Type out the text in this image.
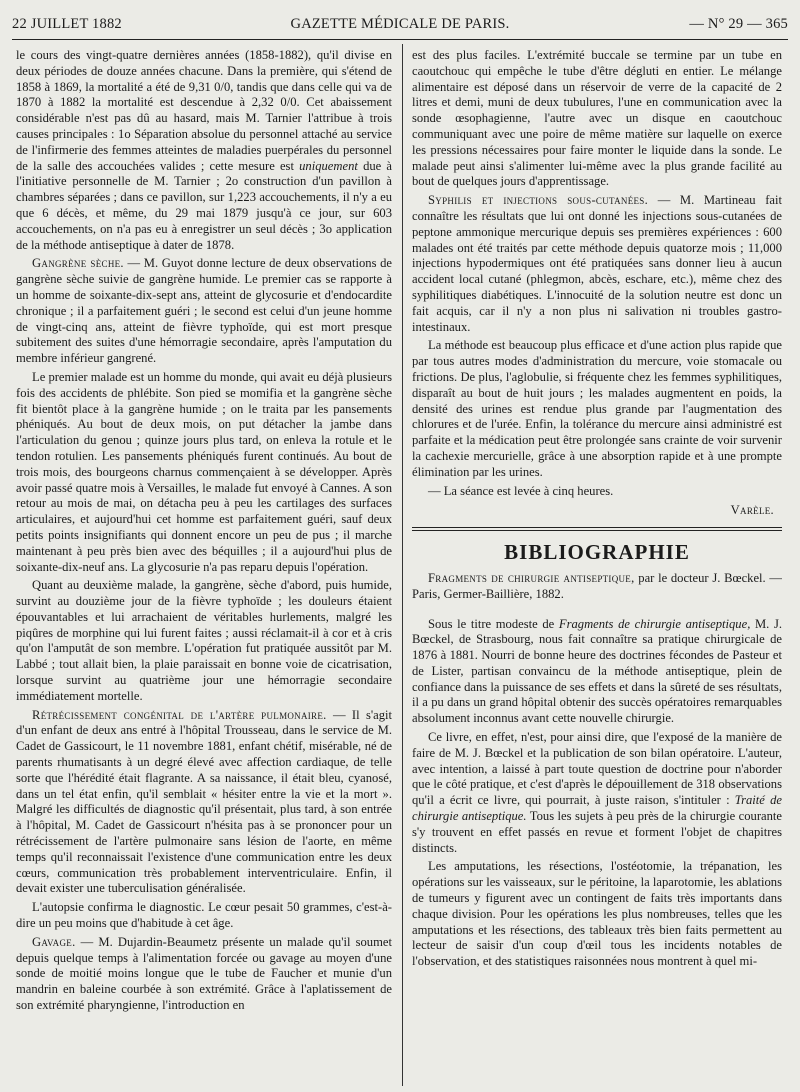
22 JUILLET 1882	GAZETTE MÉDICALE DE PARIS.	— N° 29 — 365

le cours des vingt-quatre dernières années (1858-1882), qu'il divise en deux périodes de douze années chacune. Dans la première, qui s'étend de 1858 à 1869, la mortalité a été de 9,31 0/0, tandis que dans celle qui va de 1870 à 1882 la mortalité est descendue à 2,32 0/0. Cet abaissement considérable n'est pas dû au hasard, mais M. Tarnier l'attribue à trois causes principales : 1o Séparation absolue du personnel attaché au service de l'infirmerie des femmes atteintes de maladies puerpérales du personnel de la salle des accouchées valides ; cette mesure est uniquement due à l'initiative personnelle de M. Tarnier ; 2o construction d'un pavillon à chambres séparées ; dans ce pavillon, sur 1,223 accouchements, il n'y a eu que 6 décès, et même, du 29 mai 1879 jusqu'à ce jour, sur 603 accouchements, on n'a pas eu à enregistrer un seul décès ; 3o application de la méthode antiseptique à dater de 1878.

Gangrène sèche. — M. Guyot donne lecture de deux observations de gangrène sèche suivie de gangrène humide. Le premier cas se rapporte à un homme de soixante-dix-sept ans, atteint de glycosurie et d'endocardite chronique ; il a parfaitement guéri ; le second est celui d'un jeune homme de vingt-cinq ans, atteint de fièvre typhoïde, qui est mort presque subitement des suites d'une hémorragie secondaire, après l'amputation du membre inférieur gangrené.

Le premier malade est un homme du monde, qui avait eu déjà plusieurs fois des accidents de phlébite. Son pied se momifia et la gangrène sèche fit bientôt place à la gangrène humide ; on le traita par les pansements phéniqués. Au bout de deux mois, on put détacher la jambe dans l'articulation du genou ; quinze jours plus tard, on enleva la rotule et le tendon rotulien. Les pansements phéniqués furent continués. Au bout de trois mois, des bourgeons charnus commençaient à se développer. Après avoir passé quatre mois à Versailles, le malade fut envoyé à Cannes. A son retour au mois de mai, on détacha peu à peu les cartilages des surfaces articulaires, et aujourd'hui cet homme est parfaitement guéri, sauf deux petits points insignifiants qui donnent encore un peu de pus ; il marche maintenant à peu près bien avec des béquilles ; il a aujourd'hui plus de soixante-dix-neuf ans. La glycosurie n'a pas reparu depuis l'opération.

Quant au deuxième malade, la gangrène, sèche d'abord, puis humide, survint au douzième jour de la fièvre typhoïde ; les douleurs étaient épouvantables et lui arrachaient de véritables hurlements, malgré les piqûres de morphine qui lui furent faites ; aussi réclamait-il à cor et à cris qu'on l'amputât de son membre. L'opération fut pratiquée aussitôt par M. Labbé ; tout allait bien, la plaie paraissait en bonne voie de cicatrisation, lorsque survint au quatrième jour une hémorragie secondaire immédiatement mortelle.

Rétrécissement congénital de l'artère pulmonaire. — Il s'agit d'un enfant de deux ans entré à l'hôpital Trousseau, dans le service de M. Cadet de Gassicourt, le 11 novembre 1881, enfant chétif, misérable, né de parents rhumatisants à un degré élevé avec affection cardiaque, de telle sorte que l'hérédité était flagrante. A sa naissance, il était bleu, cyanosé, dans un tel état enfin, qu'il semblait « hésiter entre la vie et la mort ». Malgré les difficultés de diagnostic qu'il présentait, plus tard, à son entrée à l'hôpital, M. Cadet de Gassicourt n'hésita pas à se prononcer pour un rétrécissement de l'artère pulmonaire sans lésion de l'aorte, en même temps qu'il reconnaissait l'existence d'une communication entre les deux cœurs, communication très probablement interventriculaire. Enfin, il devait exister une tuberculisation généralisée.

L'autopsie confirma le diagnostic. Le cœur pesait 50 grammes, c'est-à-dire un peu moins que d'habitude à cet âge.

Gavage. — M. Dujardin-Beaumetz présente un malade qu'il soumet depuis quelque temps à l'alimentation forcée ou gavage au moyen d'une sonde de moitié moins longue que le tube de Faucher et munie d'un mandrin en baleine courbée à son extrémité. Grâce à l'aplatissement de son extrémité pharyngienne, l'introduction en

est des plus faciles. L'extrémité buccale se termine par un tube en caoutchouc qui empêche le tube d'être dégluti en entier. Le mélange alimentaire est déposé dans un réservoir de verre de la capacité de 2 litres et demi, muni de deux tubulures, l'une en communication avec la sonde œsophagienne, l'autre avec un disque en caoutchouc communiquant avec une poire de même matière sur laquelle on exerce les pressions nécessaires pour faire monter le liquide dans la sonde. Le malade peut ainsi s'alimenter lui-même avec la plus grande facilité au bout de quelques jours d'apprentissage.

Syphilis et injections sous-cutanées. — M. Martineau fait connaître les résultats que lui ont donné les injections sous-cutanées de peptone ammonique mercurique depuis ses premières expériences : 600 malades ont été traités par cette méthode depuis quatorze mois ; 11,000 injections hypodermiques ont été pratiquées sans donner lieu à aucun accident local cutané (phlegmon, abcès, eschare, etc.), même chez des syphilitiques diabétiques. L'innocuité de la solution neutre est donc un fait acquis, car il n'y a non plus ni salivation ni troubles gastro-intestinaux.

La méthode est beaucoup plus efficace et d'une action plus rapide que par tous autres modes d'administration du mercure, voie stomacale ou frictions. De plus, l'aglobulie, si fréquente chez les femmes syphilitiques, disparaît au bout de huit jours ; les malades augmentent en poids, la densité des urines est rendue plus grande par l'augmentation des chlorures et de l'urée. Enfin, la tolérance du mercure ainsi administré est parfaite et la médication peut être prolongée sans crainte de voir survenir la cachexie mercurielle, grâce à une absorption rapide et à une prompte élimination par les urines.

— La séance est levée à cinq heures.

Varèle.
BIBLIOGRAPHIE

Fragments de chirurgie antiseptique, par le docteur J. Bœckel. — Paris, Germer-Baillière, 1882.

Sous le titre modeste de Fragments de chirurgie antiseptique, M. J. Bœckel, de Strasbourg, nous fait connaître sa pratique chirurgicale de 1876 à 1881. Nourri de bonne heure des doctrines fécondes de Pasteur et de Lister, partisan convaincu de la méthode antiseptique, plein de confiance dans la puissance de ses effets et dans la sûreté de ses résultats, il a pu dans un grand hôpital obtenir des succès opératoires remarquables absolument inconnus avant cette nouvelle chirurgie.

Ce livre, en effet, n'est, pour ainsi dire, que l'exposé de la manière de faire de M. J. Bœckel et la publication de son bilan opératoire. L'auteur, avec intention, a laissé à part toute question de doctrine pour n'aborder que le côté pratique, et c'est d'après le dépouillement de 318 observations qu'il a écrit ce livre, qui pourrait, à juste raison, s'intituler : Traité de chirurgie antiseptique. Tous les sujets à peu près de la chirurgie courante s'y trouvent en effet passés en revue et forment l'objet de chapitres distincts.

Les amputations, les résections, l'ostéotomie, la trépanation, les opérations sur les vaisseaux, sur le péritoine, la laparotomie, les ablations de tumeurs y figurent avec un contingent de faits très importants dans chaque division. Pour les opérations les plus nombreuses, telles que les amputations et les résections, des tableaux très bien faits permettent au lecteur de saisir d'un coup d'œil tous les incidents notables de l'observation, et des statistiques raisonnées nous montrent à quel mi-
